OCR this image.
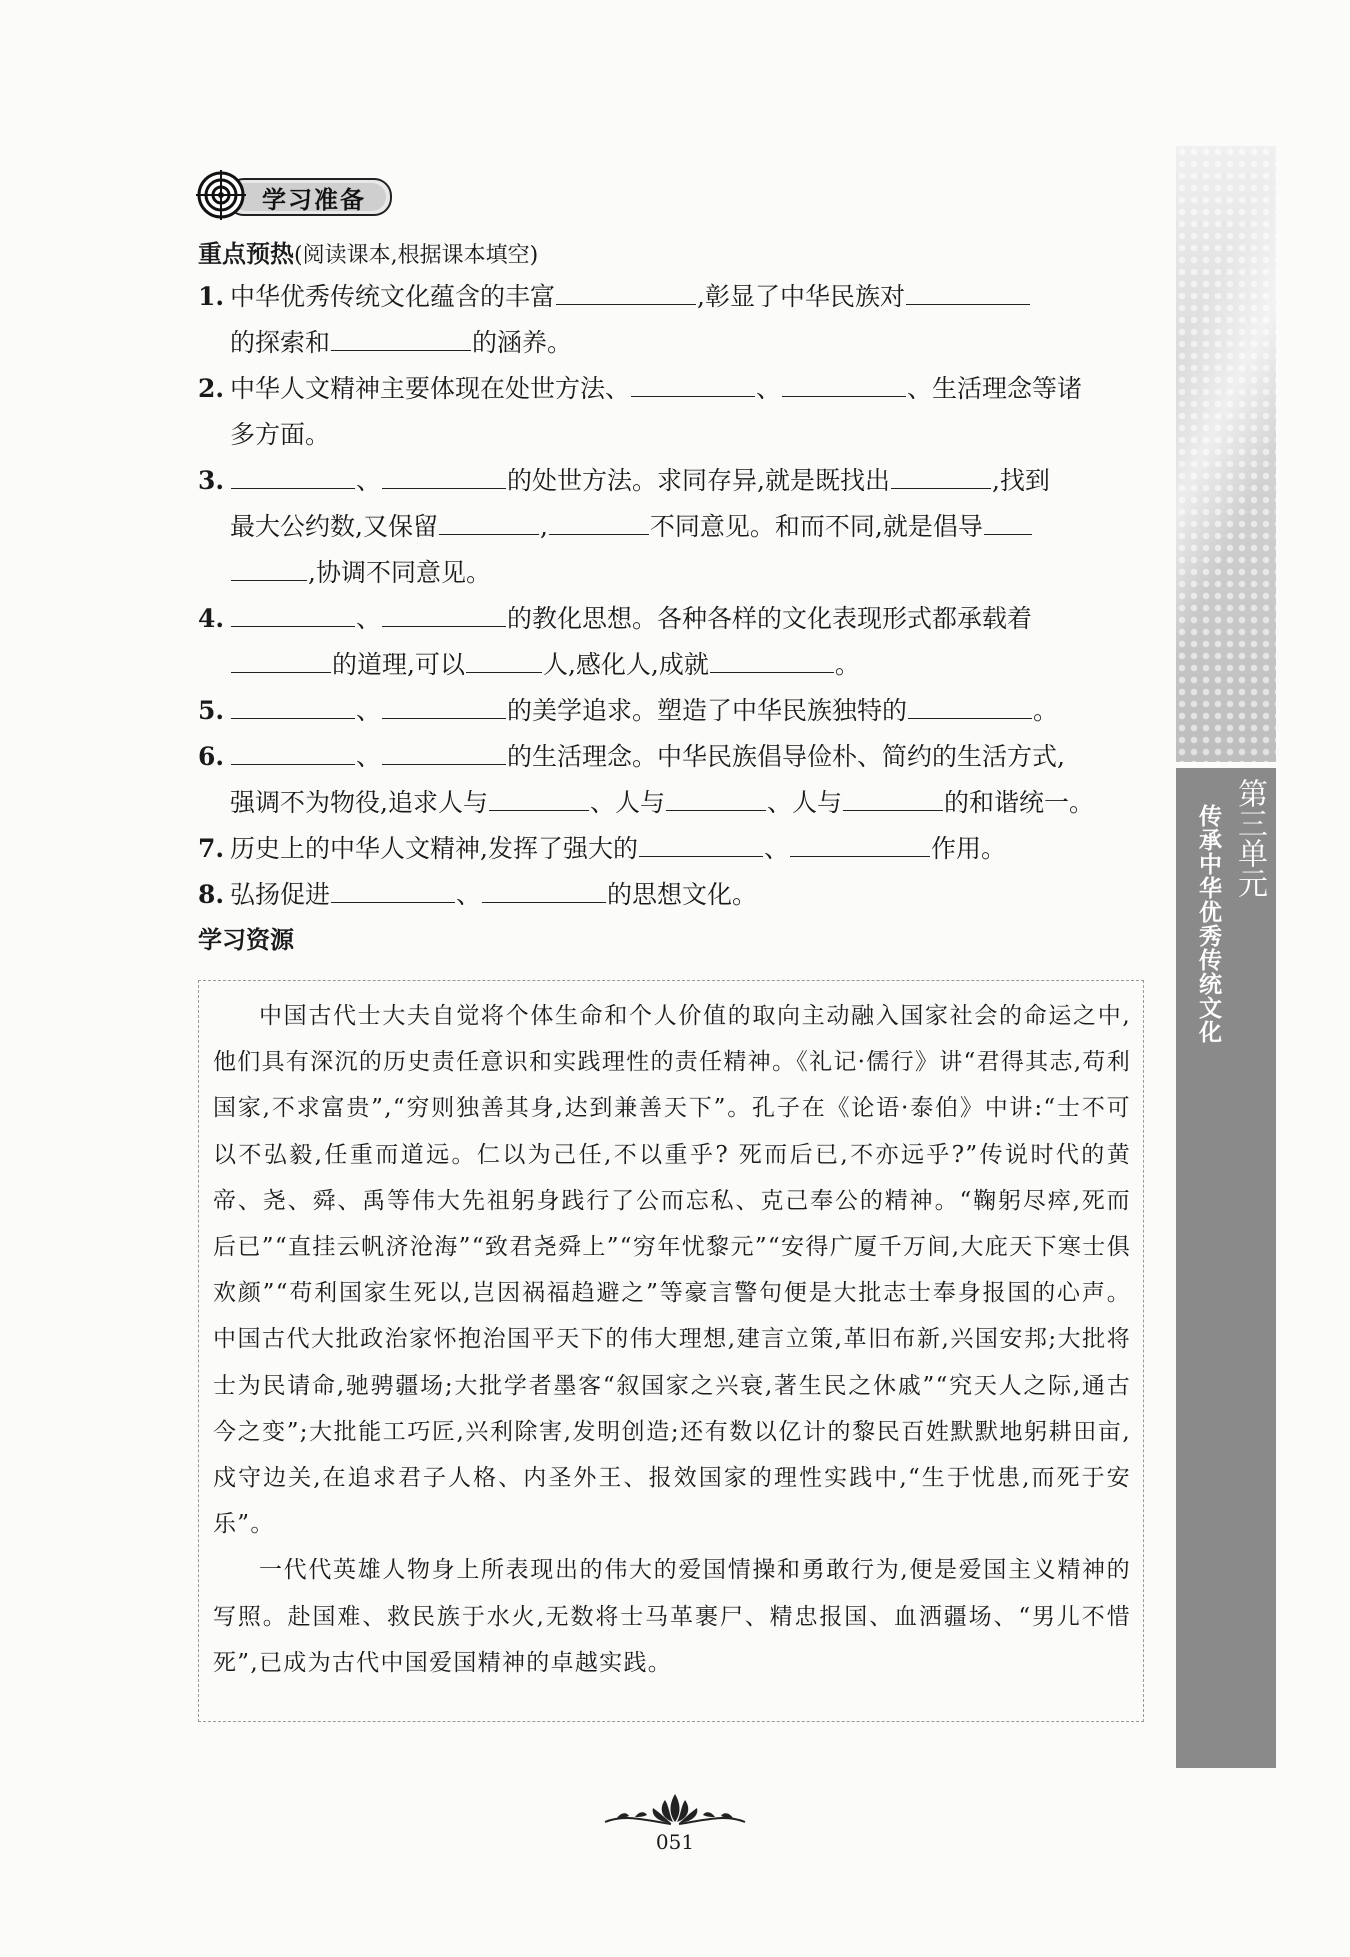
学习准备
重点预热(阅读课本,根据课本填空)
1. 中华优秀传统文化蕴含的丰富	,彰显了中华民族对
的探索和	的涵养。
2. 中华人文精神主要体现在处世方法、	、	、生活理念等诸
多方面。
3.	、	的处世方法。求同存异,就是既找出	,找到
最大公约数,又保留	,	不同意见。和而不同,就是倡导
,协调不同意见。
4.	、	的教化思想。各种各样的文化表现形式都承载着
的道理,可以	人,感化人,成就	。
5.	、	的美学追求。塑造了中华民族独特的	。
6.	、	的生活理念。中华民族倡导俭朴、简约的生活方式,
强调不为物役,追求人与	、人与	、人与	的和谐统一。
7. 历史上的中华人文精神,发挥了强大的	、	作用。
8. 弘扬促进	、	的思想文化。
学习资源

中国古代士大夫自觉将个体生命和个人价值的取向主动融入国家社会的命运之中,他们具有深沉的历史责任意识和实践理性的责任精神。《礼记·儒行》讲“君得其志,苟利国家,不求富贵”,“穷则独善其身,达到兼善天下”。孔子在《论语·泰伯》中讲:“士不可以不弘毅,任重而道远。仁以为己任,不以重乎? 死而后已,不亦远乎?”传说时代的黄帝、尧、舜、禹等伟大先祖躬身践行了公而忘私、克己奉公的精神。“鞠躬尽瘁,死而后已”“直挂云帆济沧海”“致君尧舜上”“穷年忧黎元”“安得广厦千万间,大庇天下寒士俱欢颜”“苟利国家生死以,岂因祸福趋避之”等豪言警句便是大批志士奉身报国的心声。中国古代大批政治家怀抱治国平天下的伟大理想,建言立策,革旧布新,兴国安邦;大批将士为民请命,驰骋疆场;大批学者墨客“叙国家之兴衰,著生民之休戚”“究天人之际,通古今之变”;大批能工巧匠,兴利除害,发明创造;还有数以亿计的黎民百姓默默地躬耕田亩,戍守边关,在追求君子人格、内圣外王、报效国家的理性实践中,“生于忧患,而死于安乐”。

一代代英雄人物身上所表现出的伟大的爱国情操和勇敢行为,便是爱国主义精神的写照。赴国难、救民族于水火,无数将士马革裹尸、精忠报国、血洒疆场、“男儿不惜死”,已成为古代中国爱国精神的卓越实践。

第三单元
传承中华优秀传统文化
051
